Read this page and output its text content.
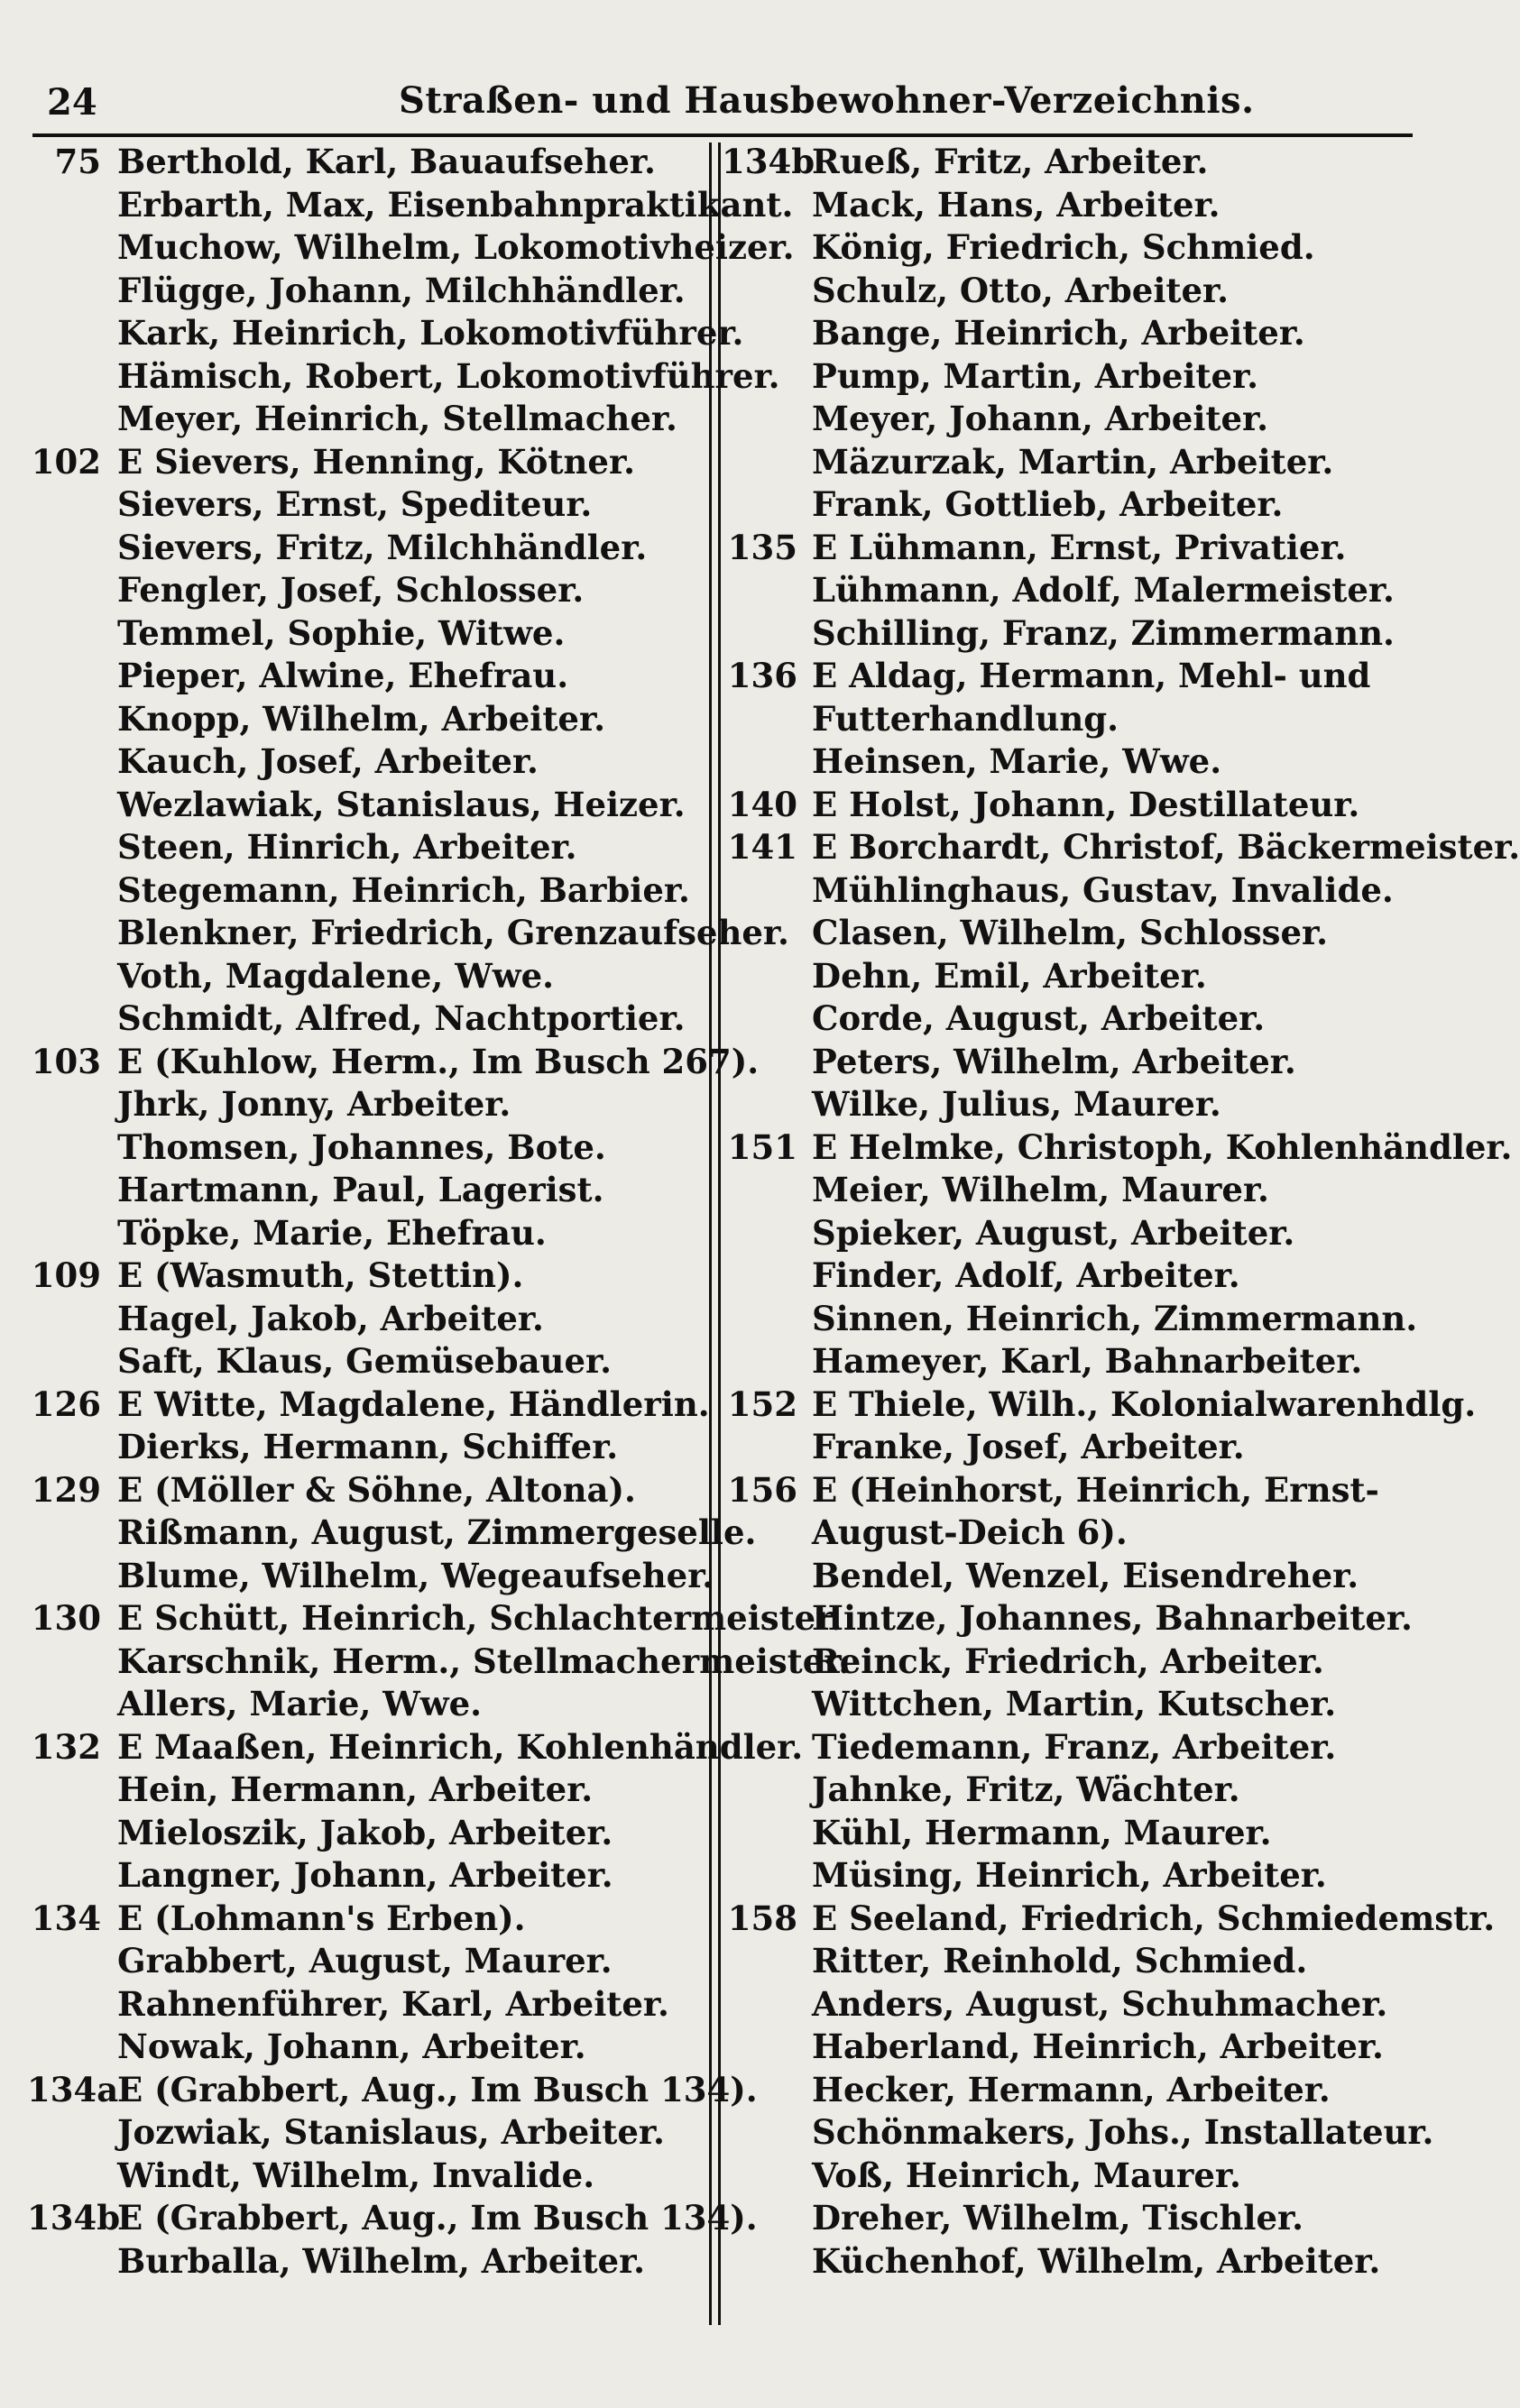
24	Straßen- und Hausbewohner-Verzeichnis.
75 Berthold, Karl, Bauaufseher.
Erbarth, Max, Eisenbahnpraktikant.
Muchow, Wilhelm, Lokomotivheizer.
Flügge, Johann, Milchhändler.
Kark, Heinrich, Lokomotivführer.
Hämisch, Robert, Lokomotivführer.
Meyer, Heinrich, Stellmacher.
102 E Sievers, Henning, Kötner.
Sievers, Ernst, Spediteur.
Sievers, Fritz, Milchhändler.
Fengler, Josef, Schlosser.
Temmel, Sophie, Witwe.
Pieper, Alwine, Ehefrau.
Knopp, Wilhelm, Arbeiter.
Kauch, Josef, Arbeiter.
Wezlawiak, Stanislaus, Heizer.
Steen, Hinrich, Arbeiter.
Stegemann, Heinrich, Barbier.
Blenkner, Friedrich, Grenzaufseher.
Voth, Magdalene, Wwe.
Schmidt, Alfred, Nachtportier.
103 E (Kuhlow, Herm., Im Busch 267).
Jhrk, Jonny, Arbeiter.
Thomsen, Johannes, Bote.
Hartmann, Paul, Lagerist.
Töpke, Marie, Ehefrau.
109 E (Wasmuth, Stettin).
Hagel, Jakob, Arbeiter.
Saft, Klaus, Gemüsebauer.
126 E Witte, Magdalene, Händlerin.
Dierks, Hermann, Schiffer.
129 E (Möller & Söhne, Altona).
Rißmann, August, Zimmergeselle.
Blume, Wilhelm, Wegeaufseher.
130 E Schütt, Heinrich, Schlachtermeister.
Karschnik, Herm., Stellmachermeister.
Allers, Marie, Wwe.
132 E Maaßen, Heinrich, Kohlenhändler.
Hein, Hermann, Arbeiter.
Mieloszik, Jakob, Arbeiter.
Langner, Johann, Arbeiter.
134 E (Lohmann's Erben).
Grabbert, August, Maurer.
Rahnenführer, Karl, Arbeiter.
Nowak, Johann, Arbeiter.
134a
E (Grabbert, Aug., Im Busch 134).
Jozwiak, Stanislaus, Arbeiter.
Windt, Wilhelm, Invalide.
134b
E (Grabbert, Aug., Im Busch 134).
Burballa, Wilhelm, Arbeiter.
134b
Rueß, Fritz, Arbeiter.
Mack, Hans, Arbeiter.
König, Friedrich, Schmied.
Schulz, Otto, Arbeiter.
Bange, Heinrich, Arbeiter.
Pump, Martin, Arbeiter.
Meyer, Johann, Arbeiter.
Mäzurzak, Martin, Arbeiter.
Frank, Gottlieb, Arbeiter.
135 E Lühmann, Ernst, Privatier.
Lühmann, Adolf, Malermeister.
Schilling, Franz, Zimmermann.
136 E Aldag, Hermann, Mehl- und
Futterhandlung.
Heinsen, Marie, Wwe.
140 E Holst, Johann, Destillateur.
141 E Borchardt, Christof, Bäckermeister.
Mühlinghaus, Gustav, Invalide.
Clasen, Wilhelm, Schlosser.
Dehn, Emil, Arbeiter.
Corde, August, Arbeiter.
Peters, Wilhelm, Arbeiter.
Wilke, Julius, Maurer.
151 E Helmke, Christoph, Kohlenhändler.
Meier, Wilhelm, Maurer.
Spieker, August, Arbeiter.
Finder, Adolf, Arbeiter.
Sinnen, Heinrich, Zimmermann.
Hameyer, Karl, Bahnarbeiter.
152 E Thiele, Wilh., Kolonialwarenhdlg.
Franke, Josef, Arbeiter.
156 E (Heinhorst, Heinrich, Ernst-
August-Deich 6).
Bendel, Wenzel, Eisendreher.
Hintze, Johannes, Bahnarbeiter.
Reinck, Friedrich, Arbeiter.
Wittchen, Martin, Kutscher.
Tiedemann, Franz, Arbeiter.
Jahnke, Fritz, Wächter.
Kühl, Hermann, Maurer.
Müsing, Heinrich, Arbeiter.
158 E Seeland, Friedrich, Schmiedemstr.
Ritter, Reinhold, Schmied.
Anders, August, Schuhmacher.
Haberland, Heinrich, Arbeiter.
Hecker, Hermann, Arbeiter.
Schönmakers, Johs., Installateur.
Voß, Heinrich, Maurer.
Dreher, Wilhelm, Tischler.
Küchenhof, Wilhelm, Arbeiter.
